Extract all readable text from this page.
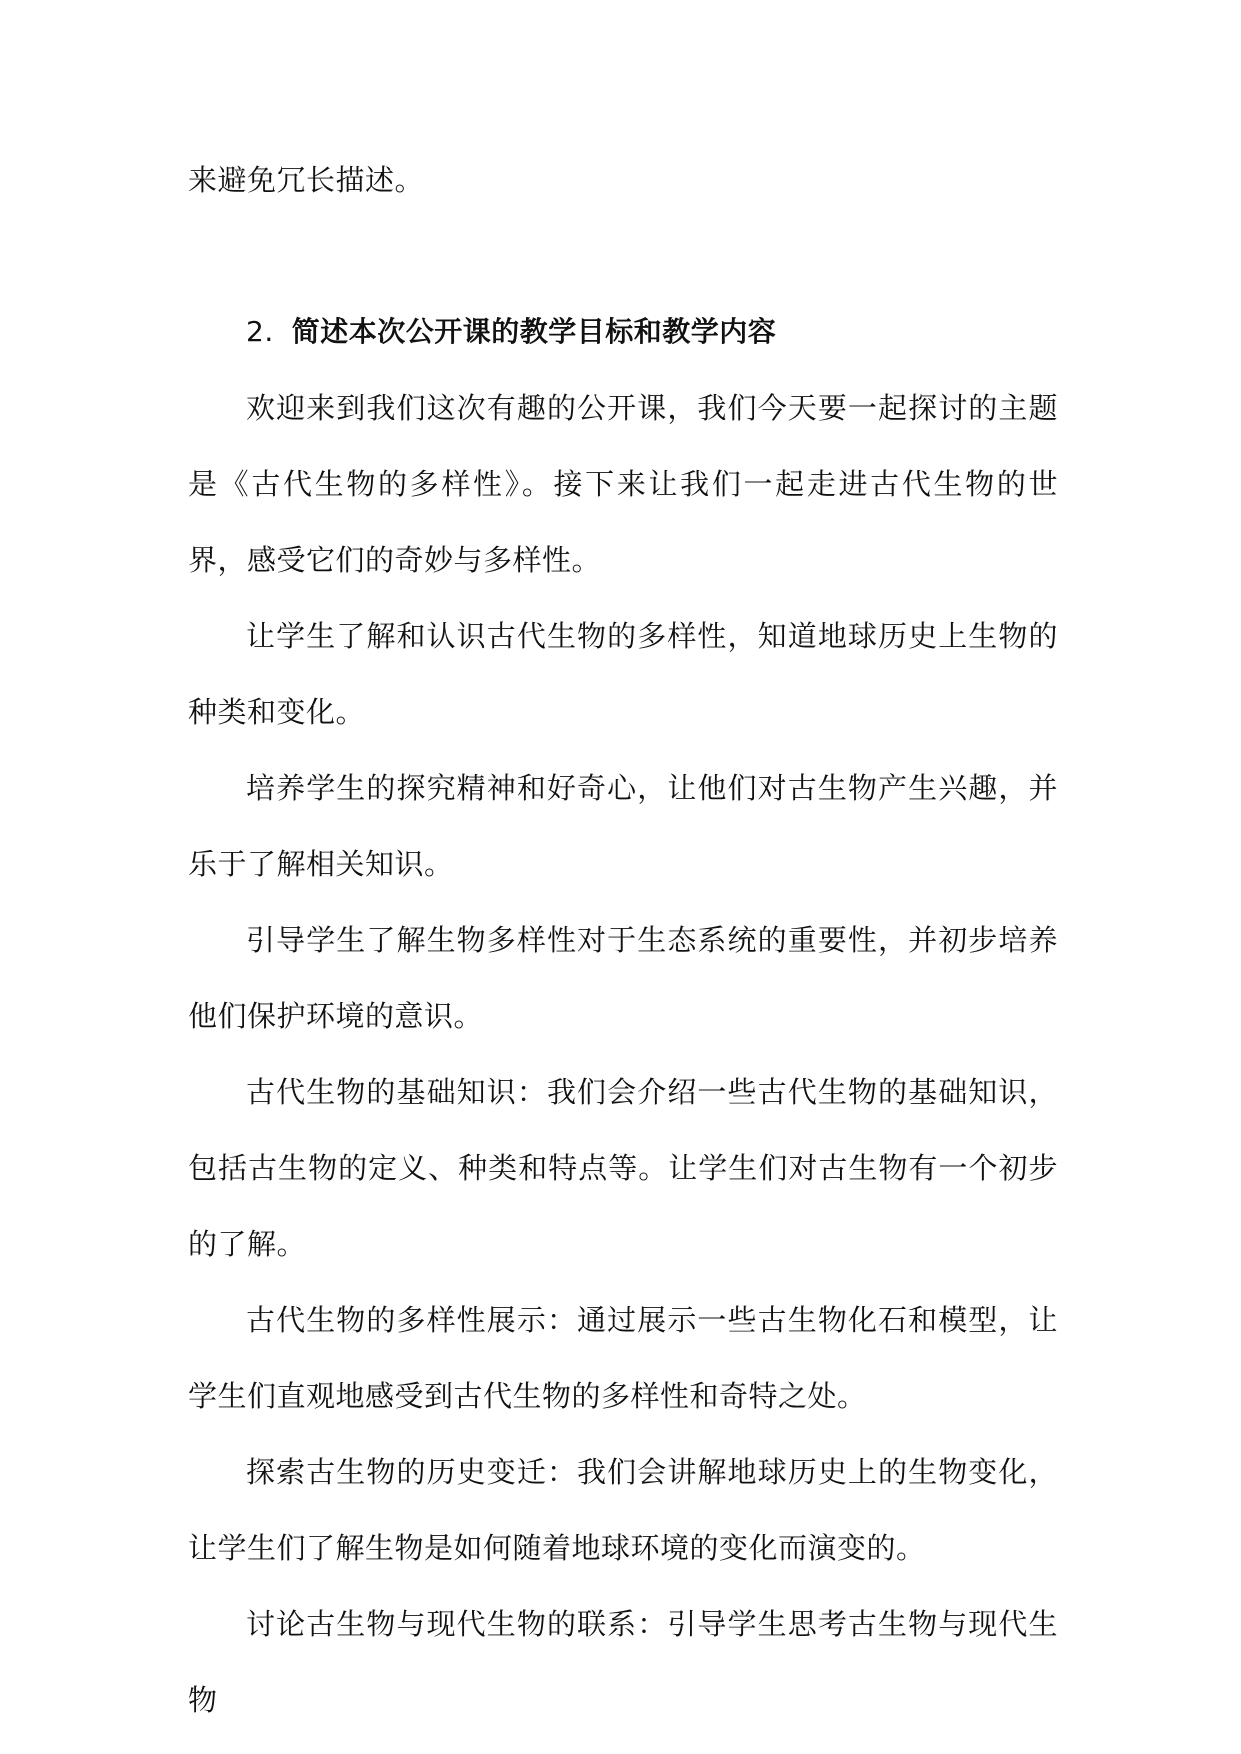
来避免冗长描述。

2. 简述本次公开课的教学目标和教学内容

欢迎来到我们这次有趣的公开课，我们今天要一起探讨的主题是《古代生物的多样性》。接下来让我们一起走进古代生物的世界，感受它们的奇妙与多样性。

让学生了解和认识古代生物的多样性，知道地球历史上生物的种类和变化。

培养学生的探究精神和好奇心，让他们对古生物产生兴趣，并乐于了解相关知识。

引导学生了解生物多样性对于生态系统的重要性，并初步培养他们保护环境的意识。

古代生物的基础知识：我们会介绍一些古代生物的基础知识，包括古生物的定义、种类和特点等。让学生们对古生物有一个初步的了解。

古代生物的多样性展示：通过展示一些古生物化石和模型，让学生们直观地感受到古代生物的多样性和奇特之处。

探索古生物的历史变迁：我们会讲解地球历史上的生物变化，让学生们了解生物是如何随着地球环境的变化而演变的。

讨论古生物与现代生物的联系：引导学生思考古生物与现代生物
